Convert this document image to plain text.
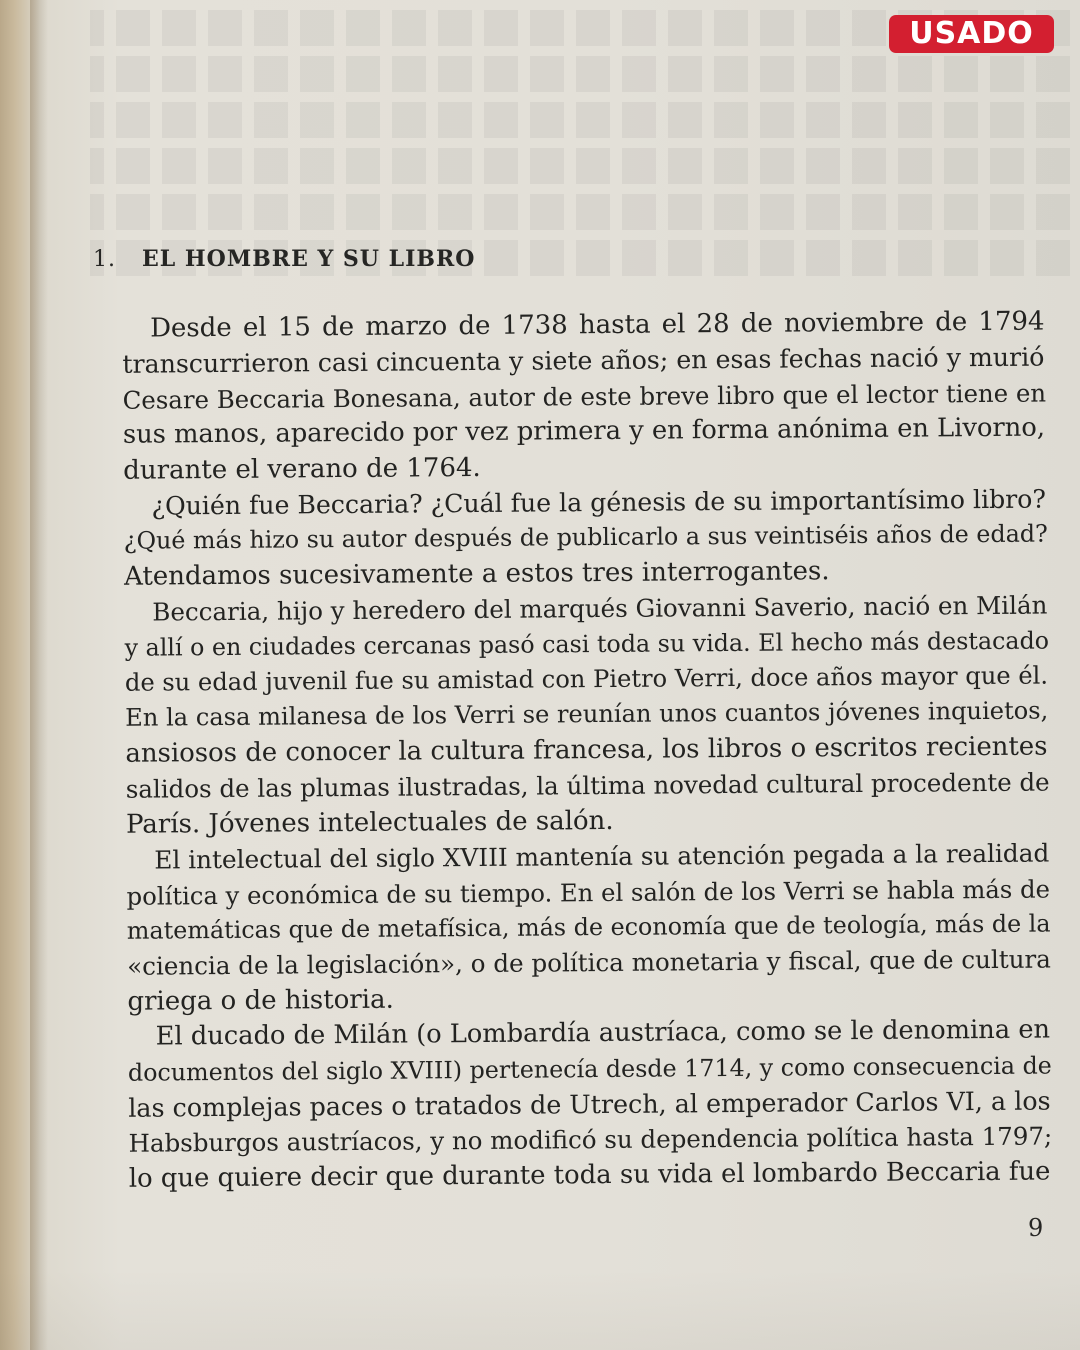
USADO
1. EL HOMBRE Y SU LIBRO
Desde el 15 de marzo de 1738 hasta el 28 de noviembre de 1794
transcurrieron casi cincuenta y siete años; en esas fechas nació y murió
Cesare Beccaria Bonesana, autor de este breve libro que el lector tiene en
sus manos, aparecido por vez primera y en forma anónima en Livorno,
durante el verano de 1764.
¿Quién fue Beccaria? ¿Cuál fue la génesis de su importantísimo libro?
¿Qué más hizo su autor después de publicarlo a sus veintiséis años de edad?
Atendamos sucesivamente a estos tres interrogantes.
Beccaria, hijo y heredero del marqués Giovanni Saverio, nació en Milán
y allí o en ciudades cercanas pasó casi toda su vida. El hecho más destacado
de su edad juvenil fue su amistad con Pietro Verri, doce años mayor que él.
En la casa milanesa de los Verri se reunían unos cuantos jóvenes inquietos,
ansiosos de conocer la cultura francesa, los libros o escritos recientes
salidos de las plumas ilustradas, la última novedad cultural procedente de
París. Jóvenes intelectuales de salón.
El intelectual del siglo XVIII mantenía su atención pegada a la realidad
política y económica de su tiempo. En el salón de los Verri se habla más de
matemáticas que de metafísica, más de economía que de teología, más de la
«ciencia de la legislación», o de política monetaria y fiscal, que de cultura
griega o de historia.
El ducado de Milán (o Lombardía austríaca, como se le denomina en
documentos del siglo XVIII) pertenecía desde 1714, y como consecuencia de
las complejas paces o tratados de Utrech, al emperador Carlos VI, a los
Habsburgos austríacos, y no modificó su dependencia política hasta 1797;
lo que quiere decir que durante toda su vida el lombardo Beccaria fue
9
